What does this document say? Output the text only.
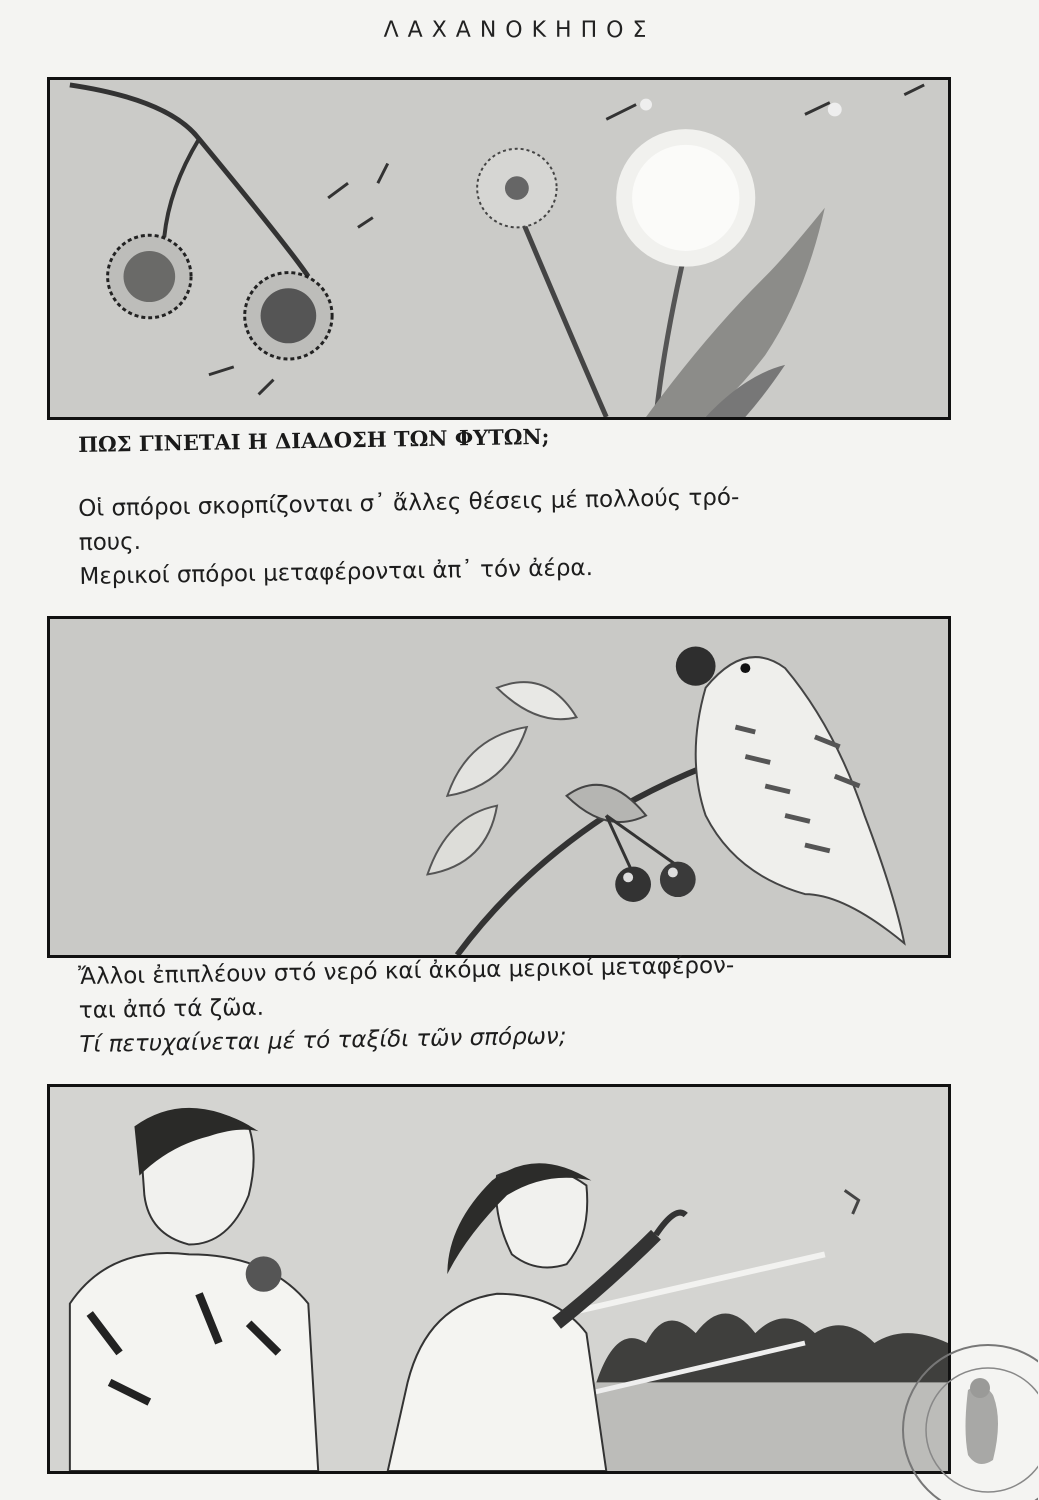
ΛΑΧΑΝΟΚΗΠΟΣ
ΠΩΣ ΓΙΝΕΤΑΙ Η ΔΙΑΔΟΣΗ ΤΩΝ ΦΥΤΩΝ;
Οἱ σπόροι σκορπίζονται σ᾿ ἄλλες θέσεις μέ πολλούς τρό-
πους.
Μερικοί σπόροι μεταφέρονται ἀπ᾿ τόν ἀέρα.
Ἄλλοι ἐπιπλέουν στό νερό καί ἀκόμα μερικοί μεταφέρον-
ται ἀπό τά ζῶα.
Τί πετυχαίνεται μέ τό ταξίδι τῶν σπόρων;
